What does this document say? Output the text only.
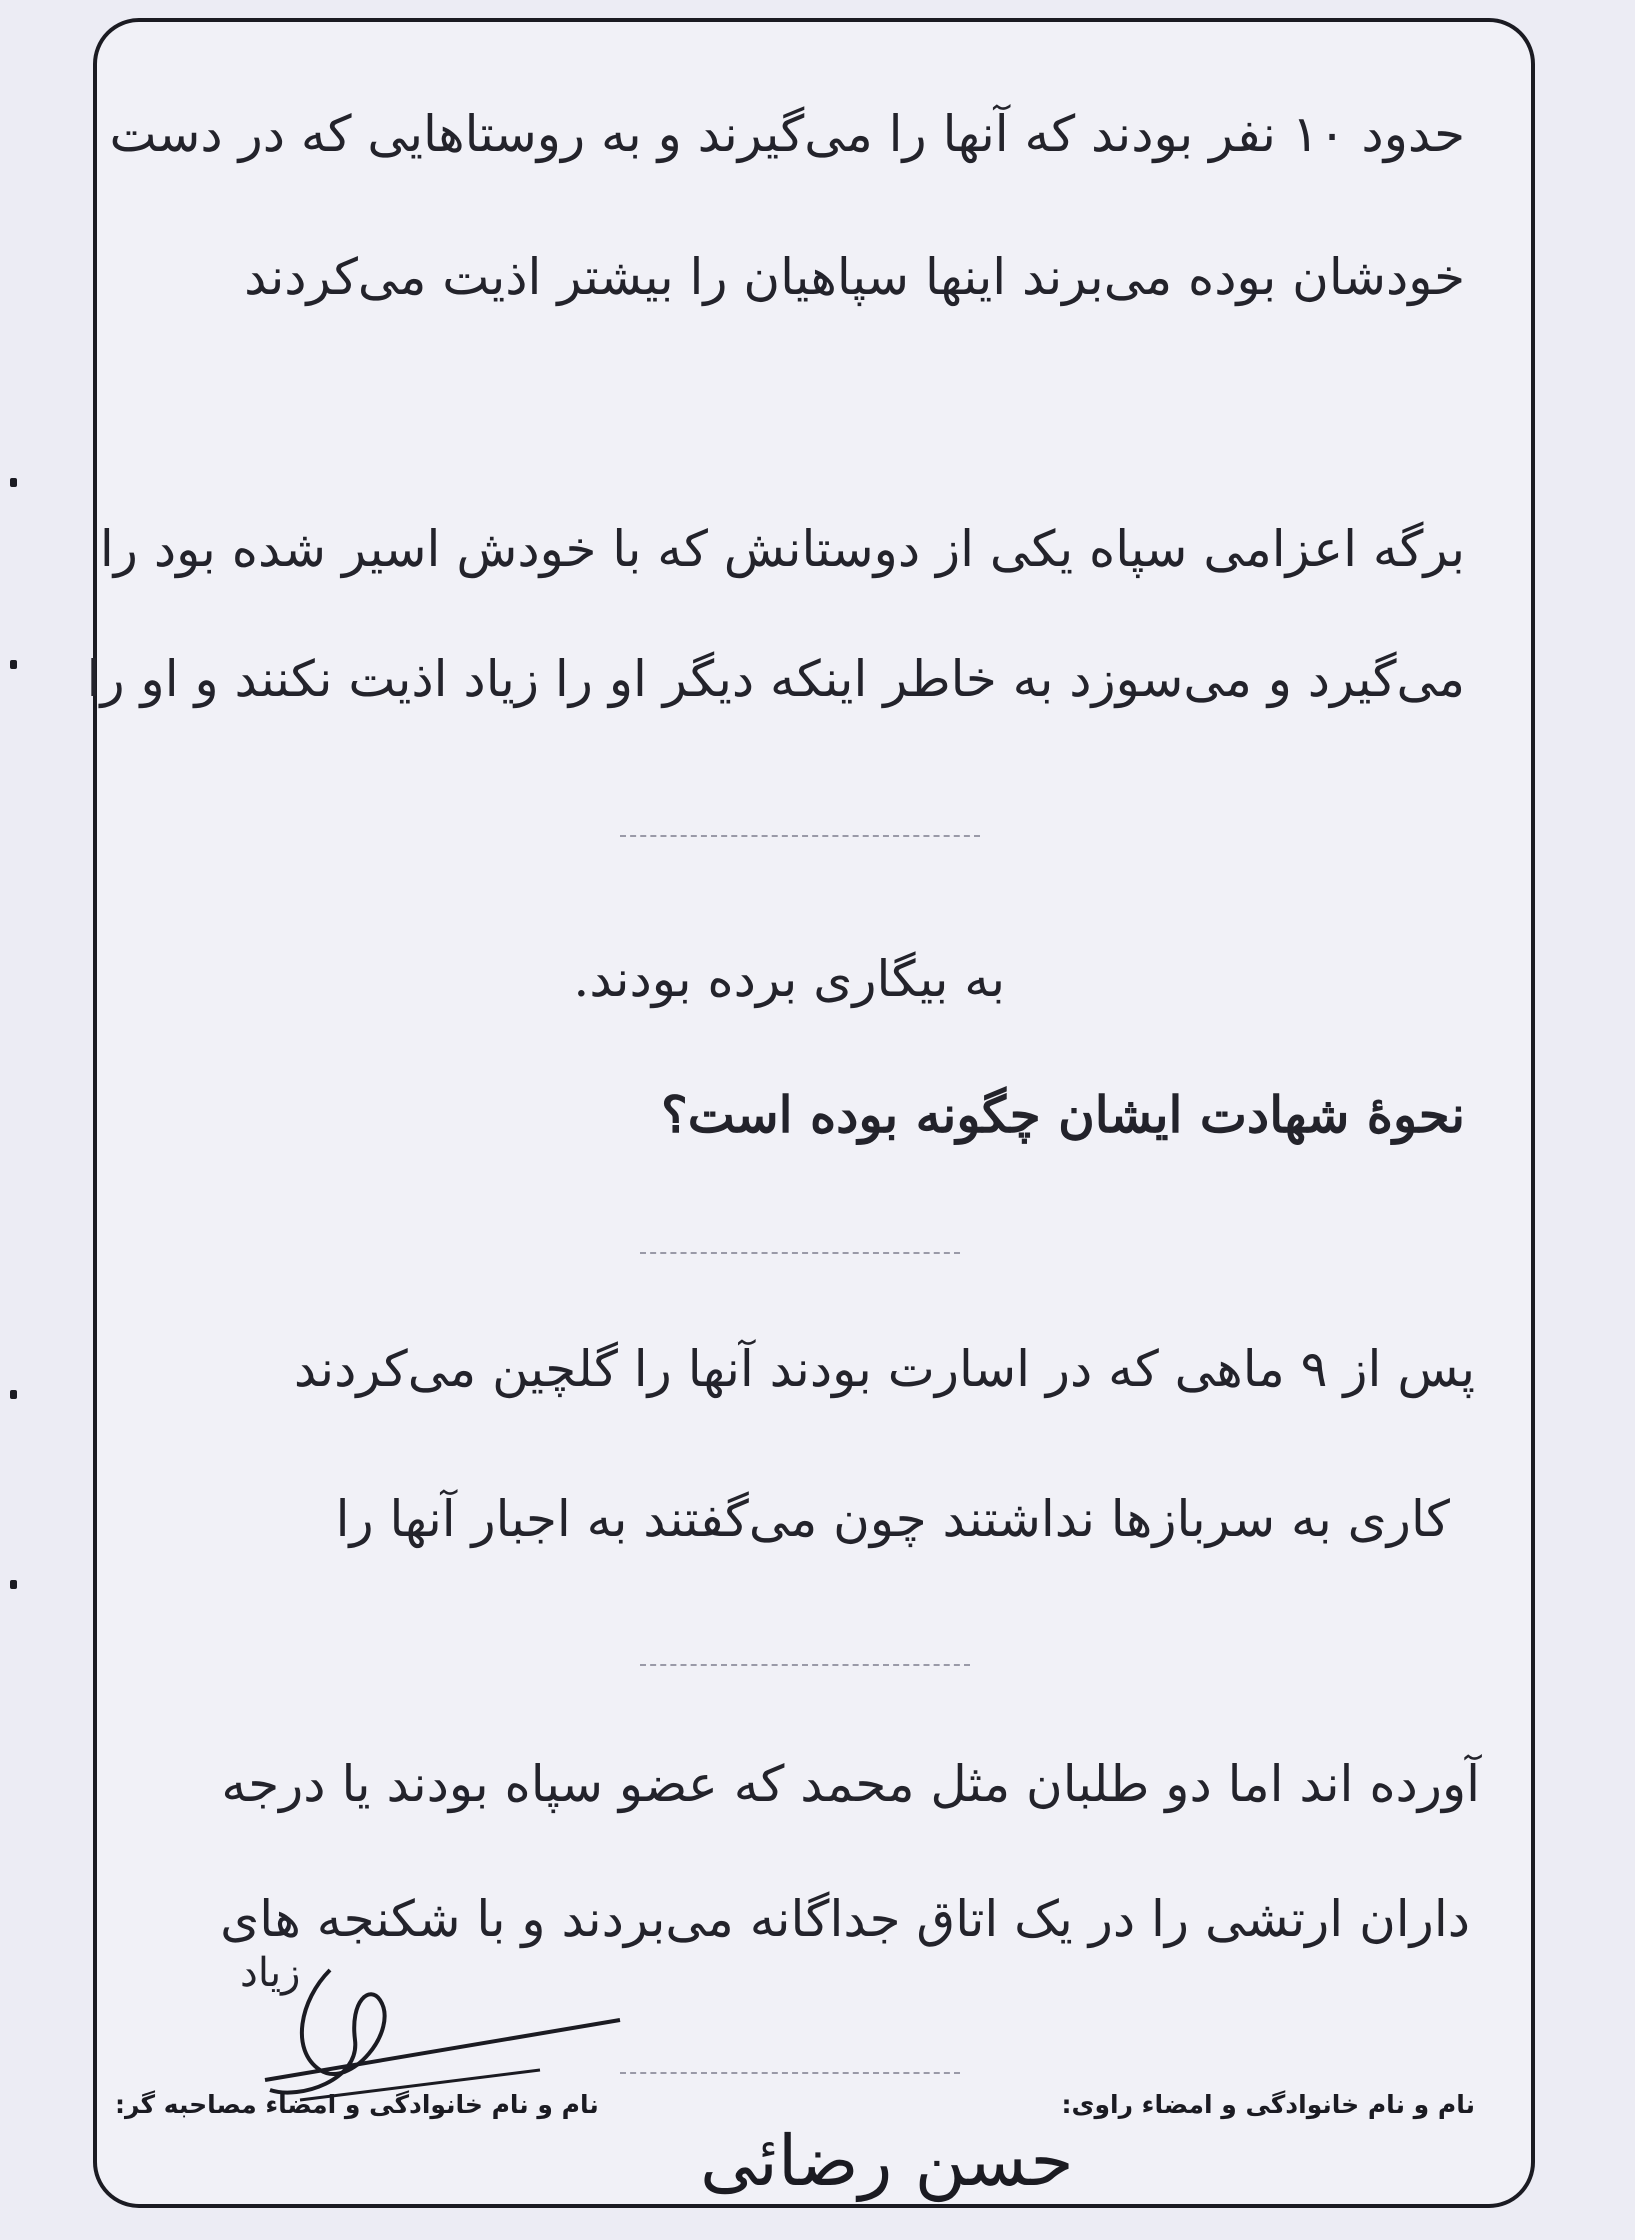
حدود ۱۰ نفر بودند که آنها را می‌گیرند و به روستاهایی که در دست
خودشان بوده می‌برند اینها سپاهیان را بیشتر اذیت می‌کردند
برگه اعزامی سپاه یکی از دوستانش که با خودش اسیر شده بود را
می‌گیرد و می‌سوزد به خاطر اینکه دیگر او را زیاد اذیت نکنند و او را
به بیگاری برده بودند.
نحوهٔ شهادت ایشان چگونه بوده است؟
پس از ۹ ماهی که در اسارت بودند آنها را گلچین می‌کردند
کاری به سربازها نداشتند چون می‌گفتند به اجبار آنها را
آورده اند اما دو طلبان مثل محمد که عضو سپاه بودند یا درجه
داران ارتشی را در یک اتاق جداگانه می‌بردند و با شکنجه های
زیاد
نام و نام خانوادگی و امضاء مصاحبه گر:	نام و نام خانوادگی و امضاء راوی:
حسن رضائی
